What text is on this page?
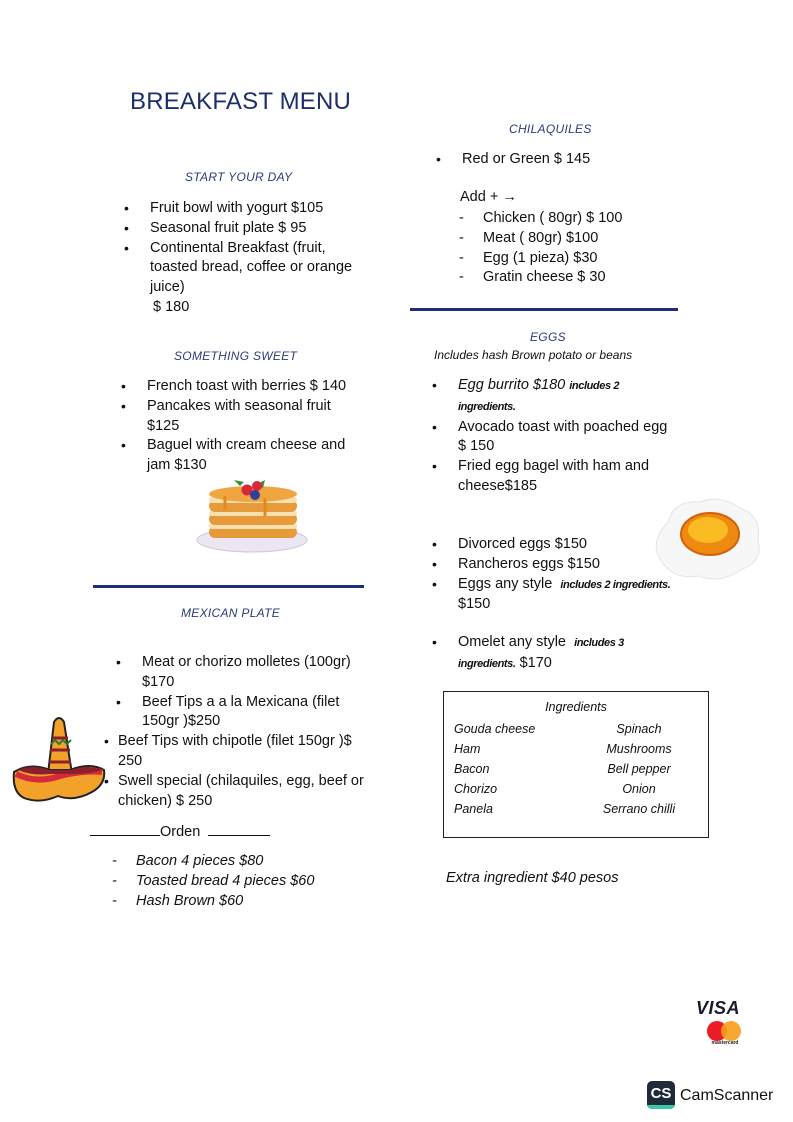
BREAKFAST MENU
START YOUR DAY
• Fruit bowl with yogurt $105
• Seasonal fruit plate $ 95
• Continental Breakfast (fruit, toasted bread, coffee or orange juice)
$ 180
SOMETHING SWEET
• French toast with berries $ 140
• Pancakes with seasonal fruit $125
• Baguel with cream cheese and jam $130
MEXICAN PLATE
• Meat or chorizo molletes (100gr) $170
• Beef Tips a a la Mexicana (filet 150gr )$250
• Beef Tips with chipotle (filet 150gr )$ 250
• Swell special (chilaquiles, egg, beef or chicken) $ 250
Orden
- Bacon 4 pieces $80
- Toasted bread 4 pieces $60
- Hash Brown $60
CHILAQUILES
• Red or Green $ 145
Add + →
- Chicken ( 80gr) $ 100
- Meat ( 80gr) $100
- Egg (1 pieza) $30
- Gratin cheese $ 30
EGGS
Includes hash Brown potato or beans
• Egg burrito $180 includes 2 ingredients.
• Avocado toast with poached egg $ 150
• Fried egg bagel with ham and cheese$185
• Divorced eggs $150
• Rancheros eggs $150
• Eggs any style includes 2 ingredients. $150
• Omelet any style includes 3 ingredients. $170
Ingredients
Gouda cheese
Ham
Bacon
Chorizo
Panela
Spinach
Mushrooms
Bell pepper
Onion
Serrano chilli
Extra ingredient $40 pesos
VISA
mastercard
CS CamScanner
